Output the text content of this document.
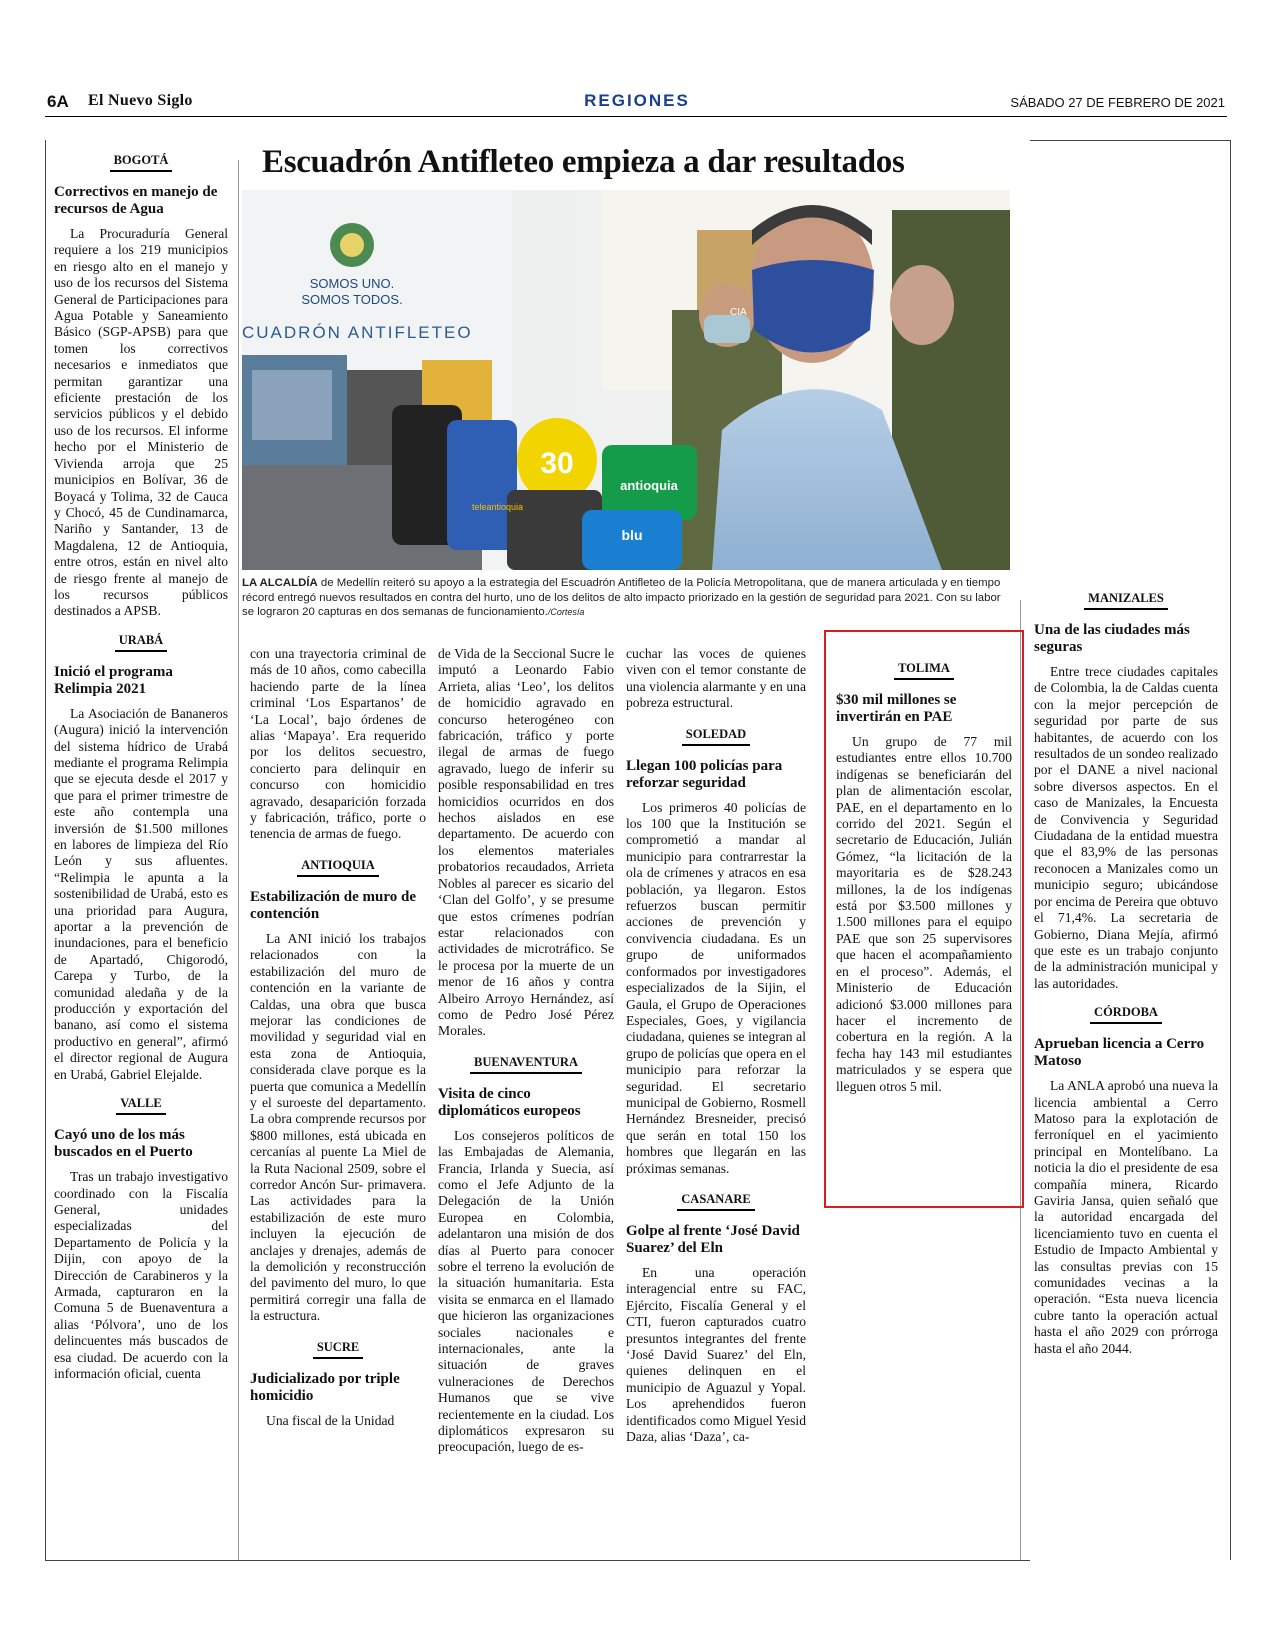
6A El Nuevo Siglo	REGIONES	SÁBADO 27 DE FEBRERO DE 2021
Escuadrón Antifleteo empieza a dar resultados
SOMOS UNO.
SOMOS TODOS.
CUADRÓN ANTIFLETEO
CIA
30
antioquia
blu
teleantioquia
LA ALCALDÍA de Medellín reiteró su apoyo a la estrategia del Escuadrón Antifleteo de la Policía Metropolitana, que de manera articulada y en tiempo récord entregó nuevos resultados en contra del hurto, uno de los delitos de alto impacto priorizado en la gestión de seguridad para 2021. Con su labor se lograron 20 capturas en dos semanas de funcionamiento./Cortesía
BOGOTÁ
Correctivos en manejo de recursos de Agua

La Procuraduría General requiere a los 219 municipios en riesgo alto en el manejo y uso de los recursos del Sistema General de Participaciones para Agua Potable y Saneamiento Básico (SGP-APSB) para que tomen los correctivos necesarios e inmediatos que permitan garantizar una eficiente prestación de los servicios públicos y el debido uso de los recursos. El informe hecho por el Ministerio de Vivienda arroja que 25 municipios en Bolívar, 36 de Boyacá y Tolima, 32 de Cauca y Chocó, 45 de Cundinamarca, Nariño y Santander, 13 de Magdalena, 12 de Antioquia, entre otros, están en nivel alto de riesgo frente al manejo de los recursos públicos destinados a APSB.

URABÁ
Inició el programa Relimpia 2021

La Asociación de Bananeros (Augura) inició la intervención del sistema hídrico de Urabá mediante el programa Relimpia que se ejecuta desde el 2017 y que para el primer trimestre de este año contempla una inversión de $1.500 millones en labores de limpieza del Río León y sus afluentes. “Relimpia le apunta a la sostenibilidad de Urabá, esto es una prioridad para Augura, aportar a la prevención de inundaciones, para el beneficio de Apartadó, Chigorodó, Carepa y Turbo, de la comunidad aledaña y de la producción y exportación del banano, así como el sistema productivo en general”, afirmó el director regional de Augura en Urabá, Gabriel Elejalde.

VALLE
Cayó uno de los más buscados en el Puerto

Tras un trabajo investigativo coordinado con la Fiscalía General, unidades especializadas del Departamento de Policía y la Dijin, con apoyo de la Dirección de Carabineros y la Armada, capturaron en la Comuna 5 de Buenaventura a alias ‘Pólvora’, uno de los delincuentes más buscados de esa ciudad. De acuerdo con la información oficial, cuenta

con una trayectoria criminal de más de 10 años, como cabecilla haciendo parte de la línea criminal ‘Los Espartanos’ de ‘La Local’, bajo órdenes de alias ‘Mapaya’. Era requerido por los delitos secuestro, concierto para delinquir en concurso con homicidio agravado, desaparición forzada y fabricación, tráfico, porte o tenencia de armas de fuego.

ANTIOQUIA
Estabilización de muro de contención

La ANI inició los trabajos relacionados con la estabilización del muro de contención en la variante de Caldas, una obra que busca mejorar las condiciones de movilidad y seguridad vial en esta zona de Antioquia, considerada clave porque es la puerta que comunica a Medellín y el suroeste del departamento. La obra comprende recursos por $800 millones, está ubicada en cercanías al puente La Miel de la Ruta Nacional 2509, sobre el corredor Ancón Sur- primavera. Las actividades para la estabilización de este muro incluyen la ejecución de anclajes y drenajes, además de la demolición y reconstrucción del pavimento del muro, lo que permitirá corregir una falla de la estructura.

SUCRE
Judicializado por triple homicidio

Una fiscal de la Unidad

de Vida de la Seccional Sucre le imputó a Leonardo Fabio Arrieta, alias ‘Leo’, los delitos de homicidio agravado en concurso heterogéneo con fabricación, tráfico y porte ilegal de armas de fuego agravado, luego de inferir su posible responsabilidad en tres homicidios ocurridos en dos hechos aislados en ese departamento. De acuerdo con los elementos materiales probatorios recaudados, Arrieta Nobles al parecer es sicario del ‘Clan del Golfo’, y se presume que estos crímenes podrían estar relacionados con actividades de microtráfico. Se le procesa por la muerte de un menor de 16 años y contra Albeiro Arroyo Hernández, así como de Pedro José Pérez Morales.

BUENAVENTURA
Visita de cinco diplomáticos europeos

Los consejeros políticos de las Embajadas de Alemania, Francia, Irlanda y Suecia, así como el Jefe Adjunto de la Delegación de la Unión Europea en Colombia, adelantaron una misión de dos días al Puerto para conocer sobre el terreno la evolución de la situación humanitaria. Esta visita se enmarca en el llamado que hicieron las organizaciones sociales nacionales e internacionales, ante la situación de graves vulneraciones de Derechos Humanos que se vive recientemente en la ciudad. Los diplomáticos expresaron su preocupación, luego de es-

cuchar las voces de quienes viven con el temor constante de una violencia alarmante y en una pobreza estructural.

SOLEDAD
Llegan 100 policías para reforzar seguridad

Los primeros 40 policías de los 100 que la Institución se comprometió a mandar al municipio para contrarrestar la ola de crímenes y atracos en esa población, ya llegaron. Estos refuerzos buscan permitir acciones de prevención y convivencia ciudadana. Es un grupo de uniformados conformados por investigadores especializados de la Sijin, el Gaula, el Grupo de Operaciones Especiales, Goes, y vigilancia ciudadana, quienes se integran al grupo de policías que opera en el municipio para reforzar la seguridad. El secretario municipal de Gobierno, Rosmell Hernández Bresneider, precisó que serán en total 150 los hombres que llegarán en las próximas semanas.

CASANARE
Golpe al frente ‘José David Suarez’ del Eln

En una operación interagencial entre su FAC, Ejército, Fiscalía General y el CTI, fueron capturados cuatro presuntos integrantes del frente ‘José David Suarez’ del Eln, quienes delinquen en el municipio de Aguazul y Yopal. Los aprehendidos fueron identificados como Miguel Yesid Daza, alias ‘Daza’, ca-

TOLIMA
$30 mil millones se invertirán en PAE

Un grupo de 77 mil estudiantes entre ellos 10.700 indígenas se beneficiarán del plan de alimentación escolar, PAE, en el departamento en lo corrido del 2021. Según el secretario de Educación, Julián Gómez, “la licitación de la mayoritaria es de $28.243 millones, la de los indígenas está por $3.500 millones y 1.500 millones para el equipo PAE que son 25 supervisores que hacen el acompañamiento en el proceso”. Además, el Ministerio de Educación adicionó $3.000 millones para hacer el incremento de cobertura en la región. A la fecha hay 143 mil estudiantes matriculados y se espera que lleguen otros 5 mil.

MANIZALES
Una de las ciudades más seguras

Entre trece ciudades capitales de Colombia, la de Caldas cuenta con la mejor percepción de seguridad por parte de sus habitantes, de acuerdo con los resultados de un sondeo realizado por el DANE a nivel nacional sobre diversos aspectos. En el caso de Manizales, la Encuesta de Convivencia y Seguridad Ciudadana de la entidad muestra que el 83,9% de las personas reconocen a Manizales como un municipio seguro; ubicándose por encima de Pereira que obtuvo el 71,4%. La secretaria de Gobierno, Diana Mejía, afirmó que este es un trabajo conjunto de la administración municipal y las autoridades.

CÓRDOBA
Aprueban licencia a Cerro Matoso

La ANLA aprobó una nueva la licencia ambiental a Cerro Matoso para la explotación de ferroníquel en el yacimiento principal en Montelíbano. La noticia la dio el presidente de esa compañía minera, Ricardo Gaviria Jansa, quien señaló que la autoridad encargada del licenciamiento tuvo en cuenta el Estudio de Impacto Ambiental y las consultas previas con 15 comunidades vecinas a la operación. “Esta nueva licencia cubre tanto la operación actual hasta el año 2029 con prórroga hasta el año 2044.
